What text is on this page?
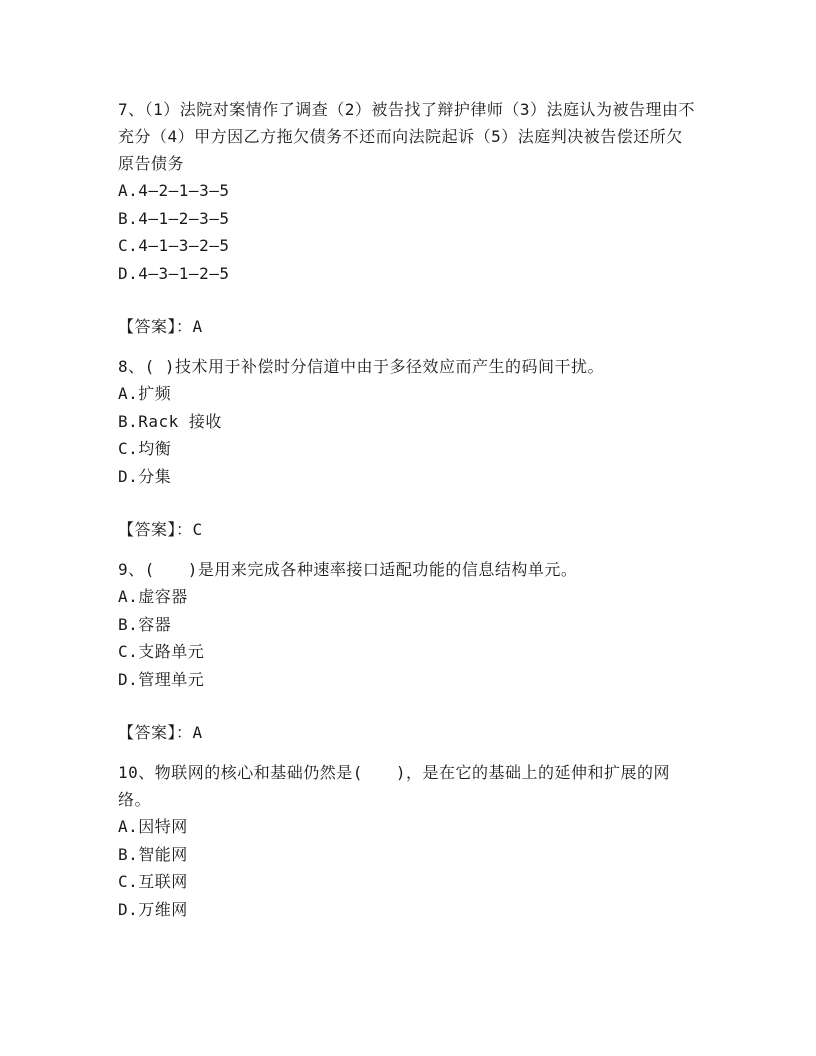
7、（1）法院对案情作了调查（2）被告找了辩护律师（3）法庭认为被告理由不充分（4）甲方因乙方拖欠债务不还而向法院起诉（5）法庭判决被告偿还所欠原告债务

A.4—2—1—3—5

B.4—1—2—3—5

C.4—1—3—2—5

D.4—3—1—2—5

【答案】：A

8、( )技术用于补偿时分信道中由于多径效应而产生的码间干扰。

A.扩频

B.Rack 接收

C.均衡

D.分集

【答案】：C

9、(　　)是用来完成各种速率接口适配功能的信息结构单元。

A.虚容器

B.容器

C.支路单元

D.管理单元

【答案】：A

10、物联网的核心和基础仍然是(　　)，是在它的基础上的延伸和扩展的网络。

A.因特网

B.智能网

C.互联网

D.万维网
